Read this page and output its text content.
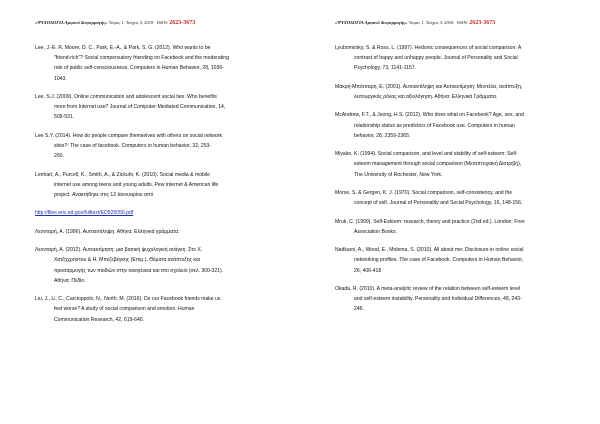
«ΨΥΧΟΛΟΓΙΑ Αμφανό &εφαρμογής» Τόμος 1, Τεύχος 3, 2018 ISSN: 2623-3673
Lee, J.-E. R. Moore, D. C., Park, E.-A., & Park, S. G. (2012). Who wants to be
"friend-rich"? Social compensatory friending on Facebook and the moderating
role of public self-consciousness. Computers in Human Behavior, 28, 1036-
1043.
Lee, S.J. (2009). Online communication and adolescent social ties: Who benefits
more from Internet use? Journal of Computer-Mediated Communication, 14,
509-531.
Lee S.Y. (2014). How do people compare themselves with others on social network
sites?: The case of facebook. Computers in human behavior, 32, 253-
260.
Lenhart, A., Purcell, K., Smith, A., & Zickuhr, K. (2010). Social media & mobile
internet use among teens and young adults. Pew internet & American life
project. Ανακτήθηκε στις 12 Ιανουαρίου από
http://files.eric.ed.gov/fulltext/ED525056.pdf
Λεονταρή, Α. (1996). Αυτοαντίληψη. Αθήνα: Ελληνικά γράμματα.
Λεονταρή, Α. (2012). Αυτοεκτίμηση: μια βασική ψυχολογική ανάγκη. Στο Χ.
Χατζηχρήστου & Η. Μπεζεβέγκης (Επιμ.), Θέματα ανάπτυξης και
προσαρμογής των παιδιών στην οικογένεια και στο σχολείο (σελ. 300-321).
Αθήνα: Πεδίο.
Liu, J., Li, C., Carcioppolo, N., North, M. (2016). Do our Facebook friends make us
feel worse? A study of social comparison and emotion. Human
Communication Research, 42, 619-640.
«ΨΥΧΟΛΟΓΙΑ Αμφανό &εφαρμογής» Τόμος 1, Τεύχος 3, 2018 ISSN: 2623-3673
Lyubomirsky, S. & Ross, L. (1997). Hedonic consequences of social comparison: A
contrast of happy and unhappy people. Journal of Personality and Social
Psychology, 73, 1141-1157.
Μακρή-Μπότσαρη, Ε. (2001). Αυτοαντίληψη και Αυτοεκτίμηση: Μοντέλα, ανάπτυξη,
λειτουργικός ρόλος και αξιολόγηση. Αθήνα: Ελληνικά Γράμματα.
McAndrew, F.T., & Jeong, H.S. (2012). Who does what on Facebook? Age, sex, and
relationship status as predictors of Facebook use. Computers in human
behavior, 28, 2359-2365.
Miyake, K. (1994). Social comparison, and level and stability of self-esteem: Self-
esteem management through social comparison (Μεταπτυχιακή Διατριβή),
The University of Rochester, New York.
Morse, S. & Gergen, K. J. (1970). Social comparison, self-consistency, and the
concept of self. Journal of Personality and Social Psychology, 16, 148-156.
Mruk, C. (1999). Self-Esteem: research, theory and practice (2nd ed.). London: Free
Association Books.
Nadkarni, A., Wood, E., Molema, S. (2010). All about me: Disclosure in online social
networking profiles. The case of Facebook. Computers in Human Behavior,
26, 406-418
Okada, R. (2010). A meta-analytic review of the relation between self-esteem level
and self-esteem instability. Personality and Individual Differences, 48, 243-
246.
